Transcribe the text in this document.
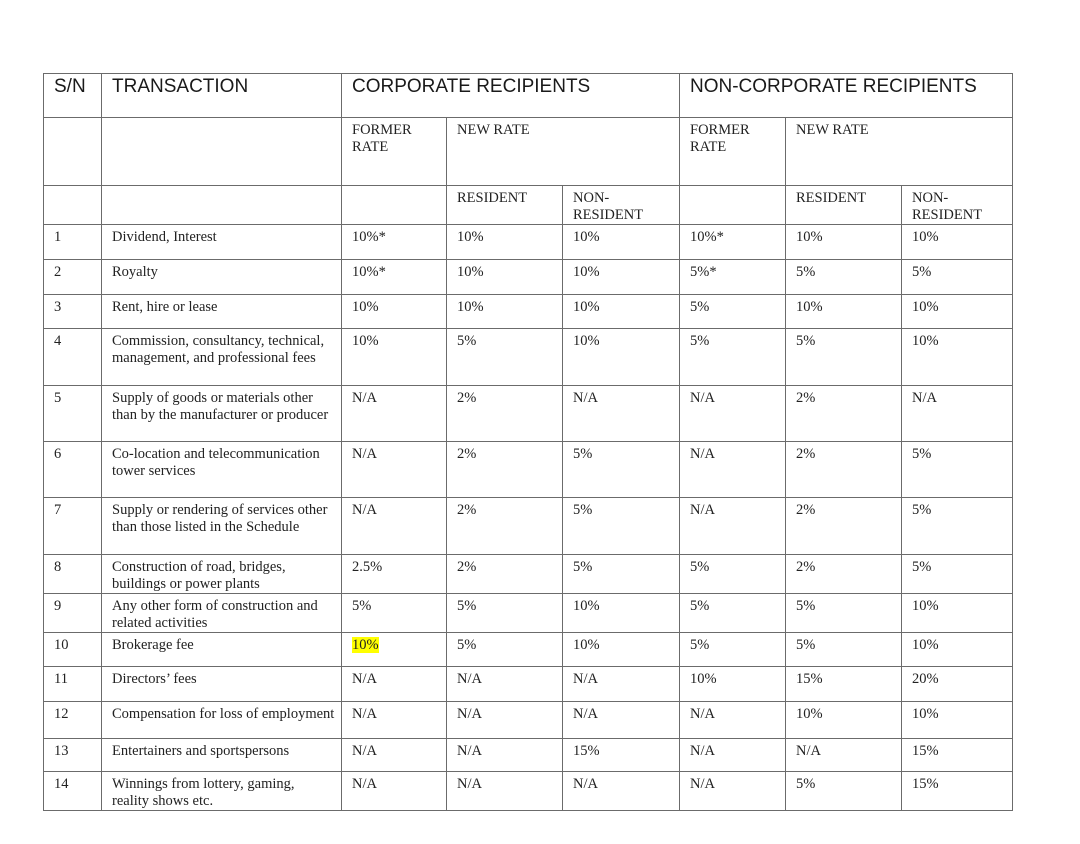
S/N	TRANSACTION	CORPORATE RECIPIENTS			NON-CORPORATE RECIPIENTS		
		FORMER RATE	NEW RATE		FORMER RATE	NEW RATE	
			RESIDENT	NON-RESIDENT		RESIDENT	NON-RESIDENT
1	Dividend, Interest	10%*	10%	10%	10%*	10%	10%
2	Royalty	10%*	10%	10%	5%*	5%	5%
3	Rent, hire or lease	10%	10%	10%	5%	10%	10%
4	Commission, consultancy, technical, management, and professional fees	10%	5%	10%	5%	5%	10%
5	Supply of goods or materials other than by the manufacturer or producer	N/A	2%	N/A	N/A	2%	N/A
6	Co-location and telecommunication tower services	N/A	2%	5%	N/A	2%	5%
7	Supply or rendering of services other than those listed in the Schedule	N/A	2%	5%	N/A	2%	5%
8	Construction of road, bridges, buildings or power plants	2.5%	2%	5%	5%	2%	5%
9	Any other form of construction and related activities	5%	5%	10%	5%	5%	10%
10	Brokerage fee	10%	5%	10%	5%	5%	10%
11	Directors’ fees	N/A	N/A	N/A	10%	15%	20%
12	Compensation for loss of employment	N/A	N/A	N/A	N/A	10%	10%
13	Entertainers and sportspersons	N/A	N/A	15%	N/A	N/A	15%
14	Winnings from lottery, gaming, reality shows etc.	N/A	N/A	N/A	N/A	5%	15%
